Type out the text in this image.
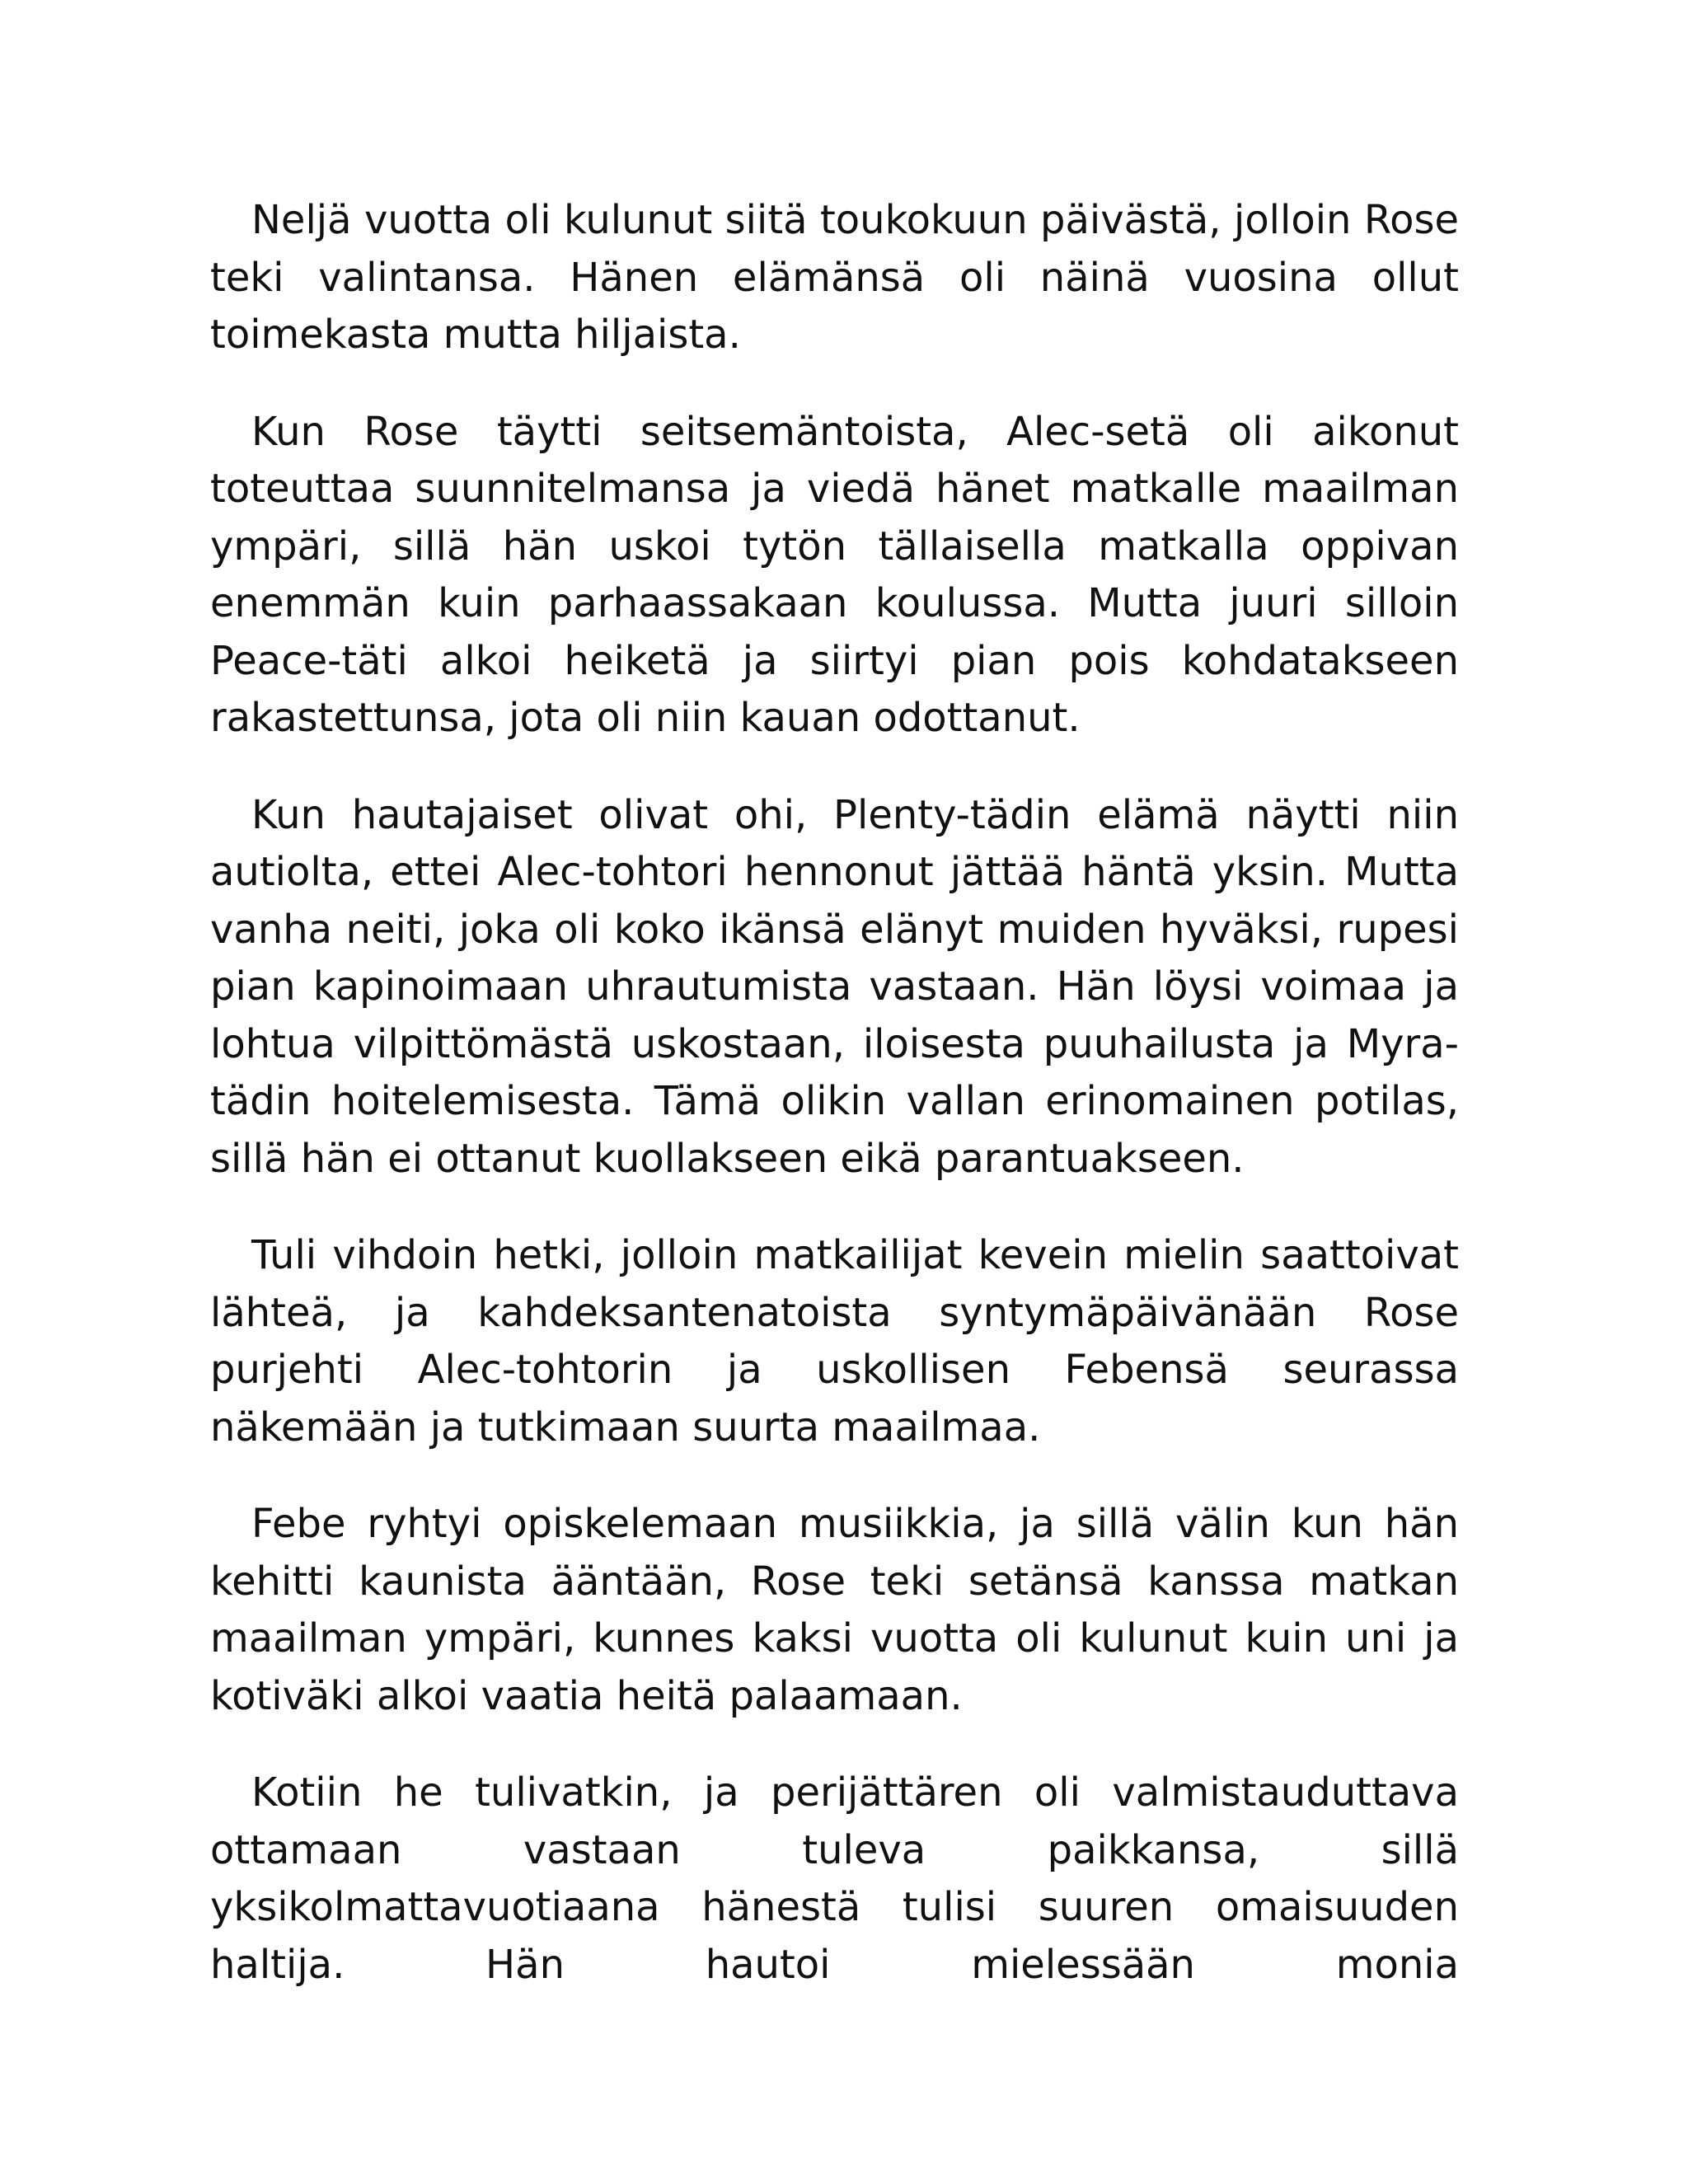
Neljä vuotta oli kulunut siitä toukokuun päivästä, jolloin Rose teki valintansa. Hänen elämänsä oli näinä vuosina ollut toimekasta mutta hiljaista.

Kun Rose täytti seitsemäntoista, Alec-setä oli aikonut toteuttaa suunnitelmansa ja viedä hänet matkalle maailman ympäri, sillä hän uskoi tytön tällaisella matkalla oppivan enemmän kuin parhaassakaan koulussa. Mutta juuri silloin Peace-täti alkoi heiketä ja siirtyi pian pois kohdatakseen rakastettunsa, jota oli niin kauan odottanut.

Kun hautajaiset olivat ohi, Plenty-tädin elämä näytti niin autiolta, ettei Alec-tohtori hennonut jättää häntä yksin. Mutta vanha neiti, joka oli koko ikänsä elänyt muiden hyväksi, rupesi pian kapinoimaan uhrautumista vastaan. Hän löysi voimaa ja lohtua vilpittömästä uskostaan, iloisesta puuhailusta ja Myra-tädin hoitelemisesta. Tämä olikin vallan erinomainen potilas, sillä hän ei ottanut kuollakseen eikä parantuakseen.

Tuli vihdoin hetki, jolloin matkailijat kevein mielin saattoivat lähteä, ja kahdeksantenatoista syntymäpäivänään Rose purjehti Alec-tohtorin ja uskollisen Febensä seurassa näkemään ja tutkimaan suurta maailmaa.

Febe ryhtyi opiskelemaan musiikkia, ja sillä välin kun hän kehitti kaunista ääntään, Rose teki setänsä kanssa matkan maailman ympäri, kunnes kaksi vuotta oli kulunut kuin uni ja kotiväki alkoi vaatia heitä palaamaan.

Kotiin he tulivatkin, ja perijättären oli valmistauduttava ottamaan vastaan tuleva paikkansa, sillä yksikolmattavuotiaana hänestä tulisi suuren omaisuuden haltija. Hän hautoi mielessään monia
